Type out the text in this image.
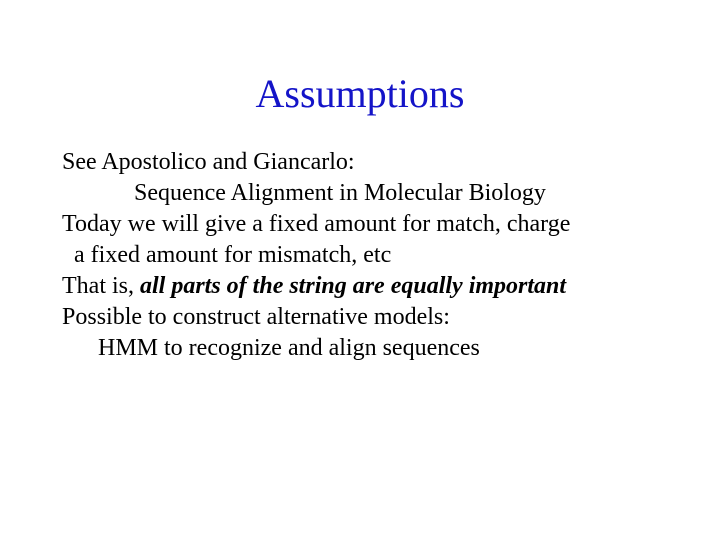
Assumptions
See Apostolico and Giancarlo:
Sequence Alignment in Molecular Biology
Today we will give a fixed amount for match, charge
a fixed amount for mismatch, etc
That is, all parts of the string are equally important
Possible to construct alternative models:
HMM to recognize and align sequences
